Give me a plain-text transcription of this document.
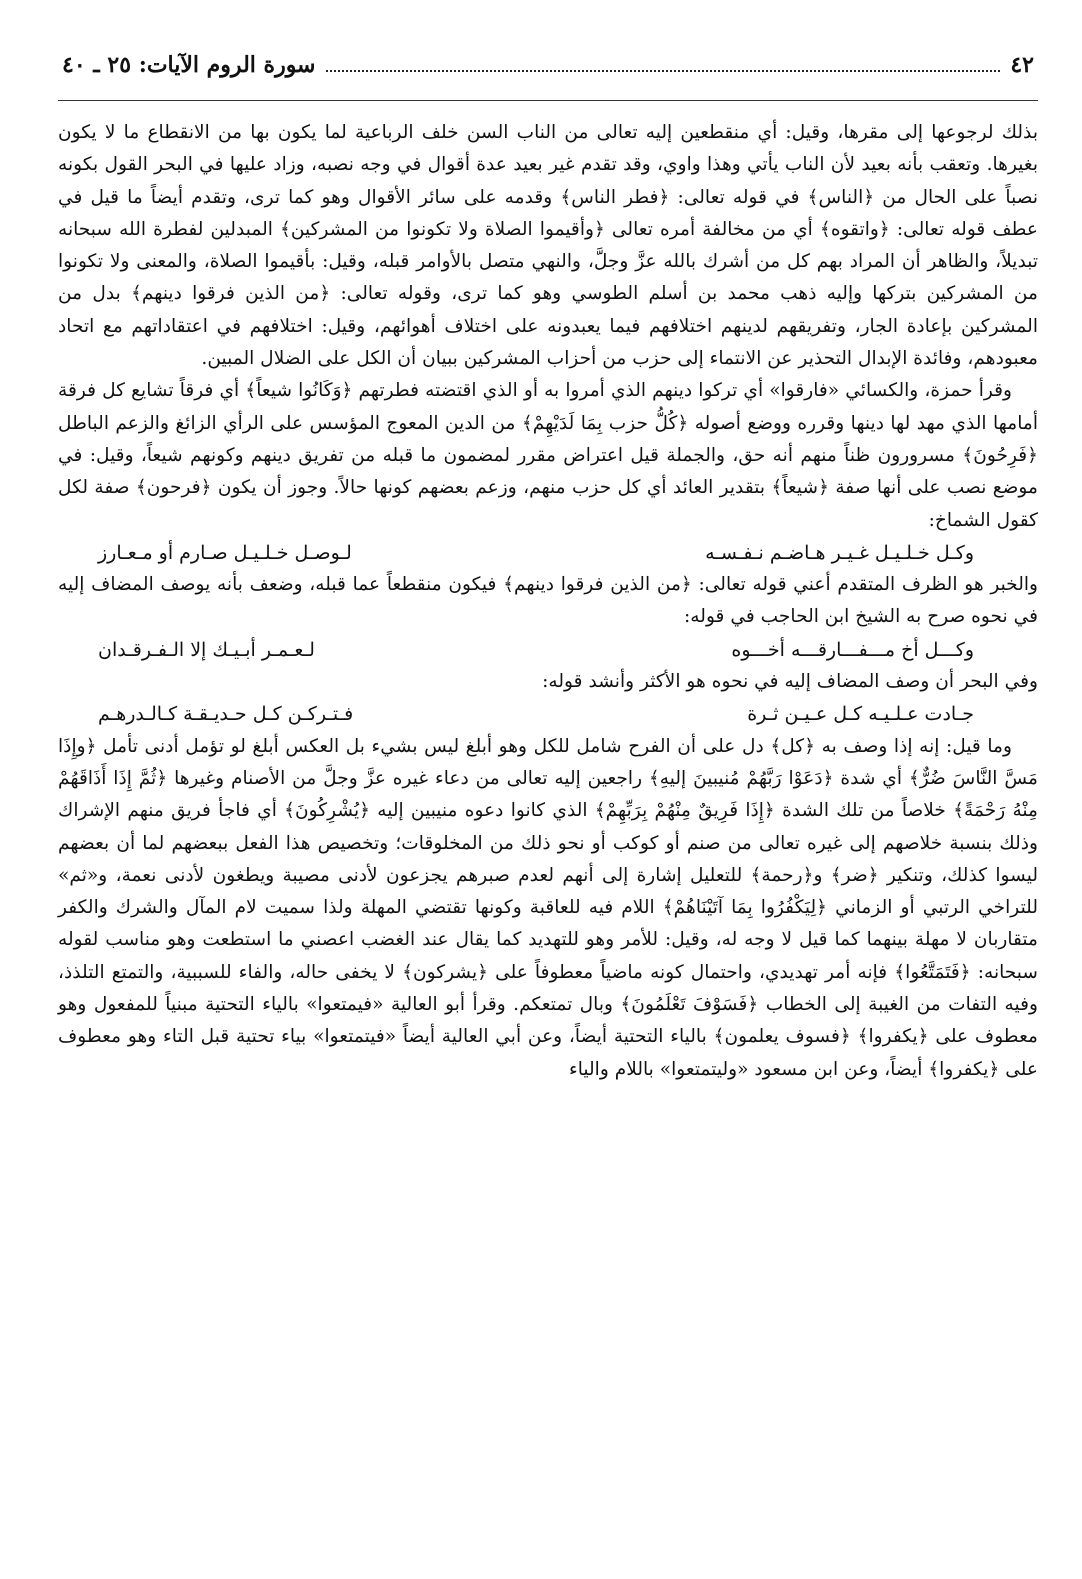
٤٢
سورة الروم الآيات: ٢٥ ـ ٤٠

بذلك لرجوعها إلى مقرها، وقيل: أي منقطعين إليه تعالى من الناب السن خلف الرباعية لما يكون بها من الانقطاع ما لا يكون بغيرها. وتعقب بأنه بعيد لأن الناب يأتي وهذا واوي، وقد تقدم غير بعيد عدة أقوال في وجه نصبه، وزاد عليها في البحر القول بكونه نصباً على الحال من ﴿الناس﴾ في قوله تعالى: ﴿فطر الناس﴾ وقدمه على سائر الأقوال وهو كما ترى، وتقدم أيضاً ما قيل في عطف قوله تعالى: ﴿واتقوه﴾ أي من مخالفة أمره تعالى ﴿وأقيموا الصلاة ولا تكونوا من المشركين﴾ المبدلين لفطرة الله سبحانه تبديلاً، والظاهر أن المراد بهم كل من أشرك بالله عزَّ وجلَّ، والنهي متصل بالأوامر قبله، وقيل: بأقيموا الصلاة، والمعنى ولا تكونوا من المشركين بتركها وإليه ذهب محمد بن أسلم الطوسي وهو كما ترى، وقوله تعالى: ﴿من الذين فرقوا دينهم﴾ بدل من المشركين بإعادة الجار، وتفريقهم لدينهم اختلافهم فيما يعبدونه على اختلاف أهوائهم، وقيل: اختلافهم في اعتقاداتهم مع اتحاد معبودهم، وفائدة الإبدال التحذير عن الانتماء إلى حزب من أحزاب المشركين ببيان أن الكل على الضلال المبين.

وقرأ حمزة، والكسائي «فارقوا» أي تركوا دينهم الذي أمروا به أو الذي اقتضته فطرتهم ﴿وَكَانُوا شيعاً﴾ أي فرقاً تشايع كل فرقة أمامها الذي مهد لها دينها وقرره ووضع أصوله ﴿كُلُّ حزب بِمَا لَدَيْهِمْ﴾ من الدين المعوج المؤسس على الرأي الزائغ والزعم الباطل ﴿فَرِحُونَ﴾ مسرورون ظناً منهم أنه حق، والجملة قيل اعتراض مقرر لمضمون ما قبله من تفريق دينهم وكونهم شيعاً، وقيل: في موضع نصب على أنها صفة ﴿شيعاً﴾ بتقدير العائد أي كل حزب منهم، وزعم بعضهم كونها حالاً. وجوز أن يكون ﴿فرحون﴾ صفة لكل كقول الشماخ:

وكـل خـلـيـل غـيـر هـاضـم نـفـسـه
لـوصـل خـلـيـل صـارم أو مـعـارز

والخبر هو الظرف المتقدم أعني قوله تعالى: ﴿من الذين فرقوا دينهم﴾ فيكون منقطعاً عما قبله، وضعف بأنه يوصف المضاف إليه في نحوه صرح به الشيخ ابن الحاجب في قوله:

وكـــل أخ مـــفـــارقـــه أخـــوه
لـعـمـر أبـيـك إلا الـفـرقـدان

وفي البحر أن وصف المضاف إليه في نحوه هو الأكثر وأنشد قوله:

جـادت عـلـيـه كـل عـيـن ثـرة
فـتـركـن كـل حـديـقـة كـالـدرهـم

وما قيل: إنه إذا وصف به ﴿كل﴾ دل على أن الفرح شامل للكل وهو أبلغ ليس بشيء بل العكس أبلغ لو تؤمل أدنى تأمل ﴿وإِذَا مَسَّ النَّاسَ ضُرٌّ﴾ أي شدة ﴿دَعَوْا رَبَّهُمْ مُنيبينَ إليهِ﴾ راجعين إليه تعالى من دعاء غيره عزَّ وجلَّ من الأصنام وغيرها ﴿ثُمَّ إِذَا أَذَاقَهُمْ مِنْهُ رَحْمَةً﴾ خلاصاً من تلك الشدة ﴿إِذَا فَرِيقٌ مِنْهُمْ بِرَبِّهِمْ﴾ الذي كانوا دعوه منيبين إليه ﴿يُشْرِكُونَ﴾ أي فاجأ فريق منهم الإشراك وذلك بنسبة خلاصهم إلى غيره تعالى من صنم أو كوكب أو نحو ذلك من المخلوقات؛ وتخصيص هذا الفعل ببعضهم لما أن بعضهم ليسوا كذلك، وتنكير ﴿ضر﴾ و﴿رحمة﴾ للتعليل إشارة إلى أنهم لعدم صبرهم يجزعون لأدنى مصيبة ويطغون لأدنى نعمة، و«ثم» للتراخي الرتبي أو الزماني ﴿لِيَكْفُرُوا بِمَا آتَيْنَاهُمْ﴾ اللام فيه للعاقبة وكونها تقتضي المهلة ولذا سميت لام المآل والشرك والكفر متقاربان لا مهلة بينهما كما قيل لا وجه له، وقيل: للأمر وهو للتهديد كما يقال عند الغضب اعصني ما استطعت وهو مناسب لقوله سبحانه: ﴿فَتَمَتَّعُوا﴾ فإنه أمر تهديدي، واحتمال كونه ماضياً معطوفاً على ﴿يشركون﴾ لا يخفى حاله، والفاء للسببية، والتمتع التلذذ، وفيه التفات من الغيبة إلى الخطاب ﴿فَسَوْفَ تَعْلَمُونَ﴾ وبال تمتعكم. وقرأ أبو العالية «فيمتعوا» بالياء التحتية مبنياً للمفعول وهو معطوف على ﴿يكفروا﴾ ﴿فسوف يعلمون﴾ بالياء التحتية أيضاً، وعن أبي العالية أيضاً «فيتمتعوا» بياء تحتية قبل التاء وهو معطوف على ﴿يكفروا﴾ أيضاً، وعن ابن مسعود «وليتمتعوا» باللام والياء
